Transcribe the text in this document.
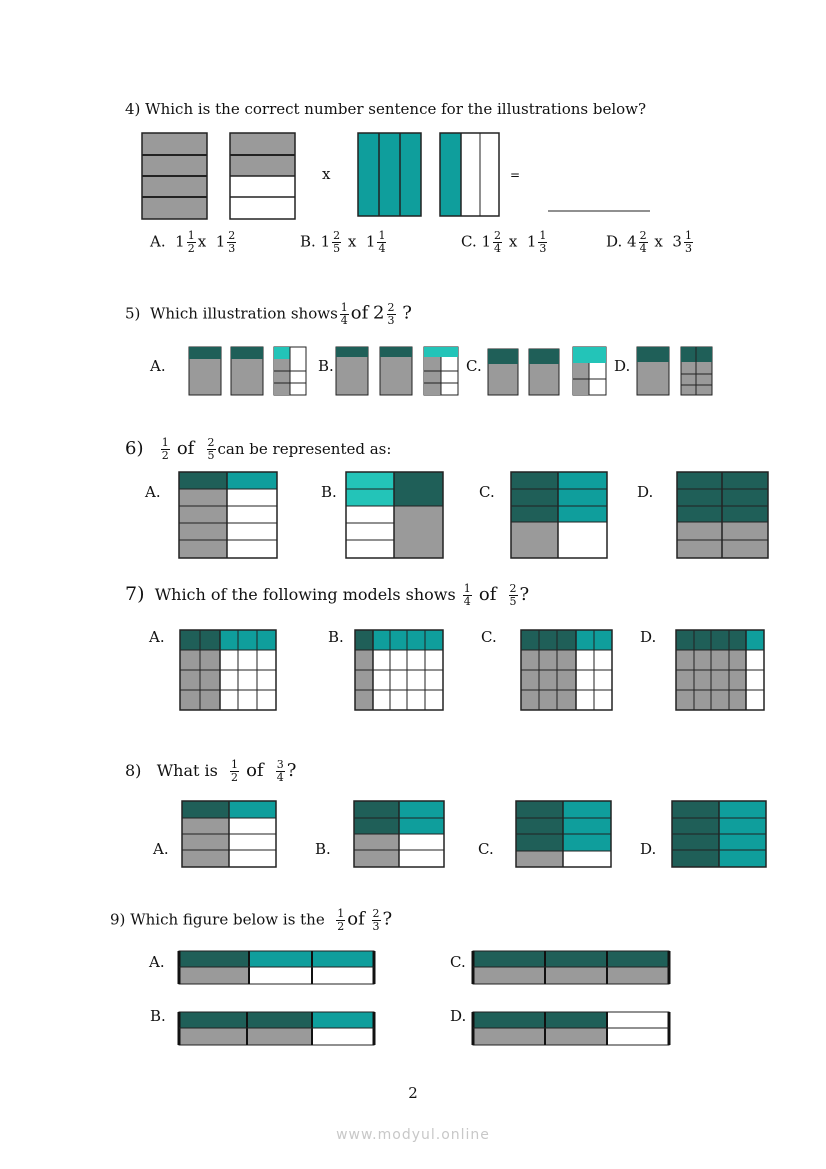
4) Which is the correct number sentence for the illustrations below?
x	=
A. $1 \frac{1}{2}$ x $1 \frac{2}{3}$	B. $1 \frac{2}{5}$ x $1 \frac{1}{4}$	C. $1 \frac{2}{4}$ x $1 \frac{1}{3}$	D. $4 \frac{2}{4}$ x $3 \frac{1}{3}$
5) Which illustration shows $\frac{1}{4}$ of $2 \frac{2}{3}$ ?
A.	B.	C.	D.
$6) \frac{1}{2}$ of $\frac{2}{5}$ can be represented as:
A.	B.	C.	D.
7) Which of the following models shows $\frac{1}{4}$ of $\frac{2}{5}$ ?
A.	B.	C.	D.
8) What is $\frac{1}{2}$ of $\frac{3}{4}$ ?
A.	B.	C.	D.
9) Which figure below is the $\frac{1}{2}$ of $\frac{2}{3}$ ?
A.	C.
B.	D.
2
www.modyul.online
